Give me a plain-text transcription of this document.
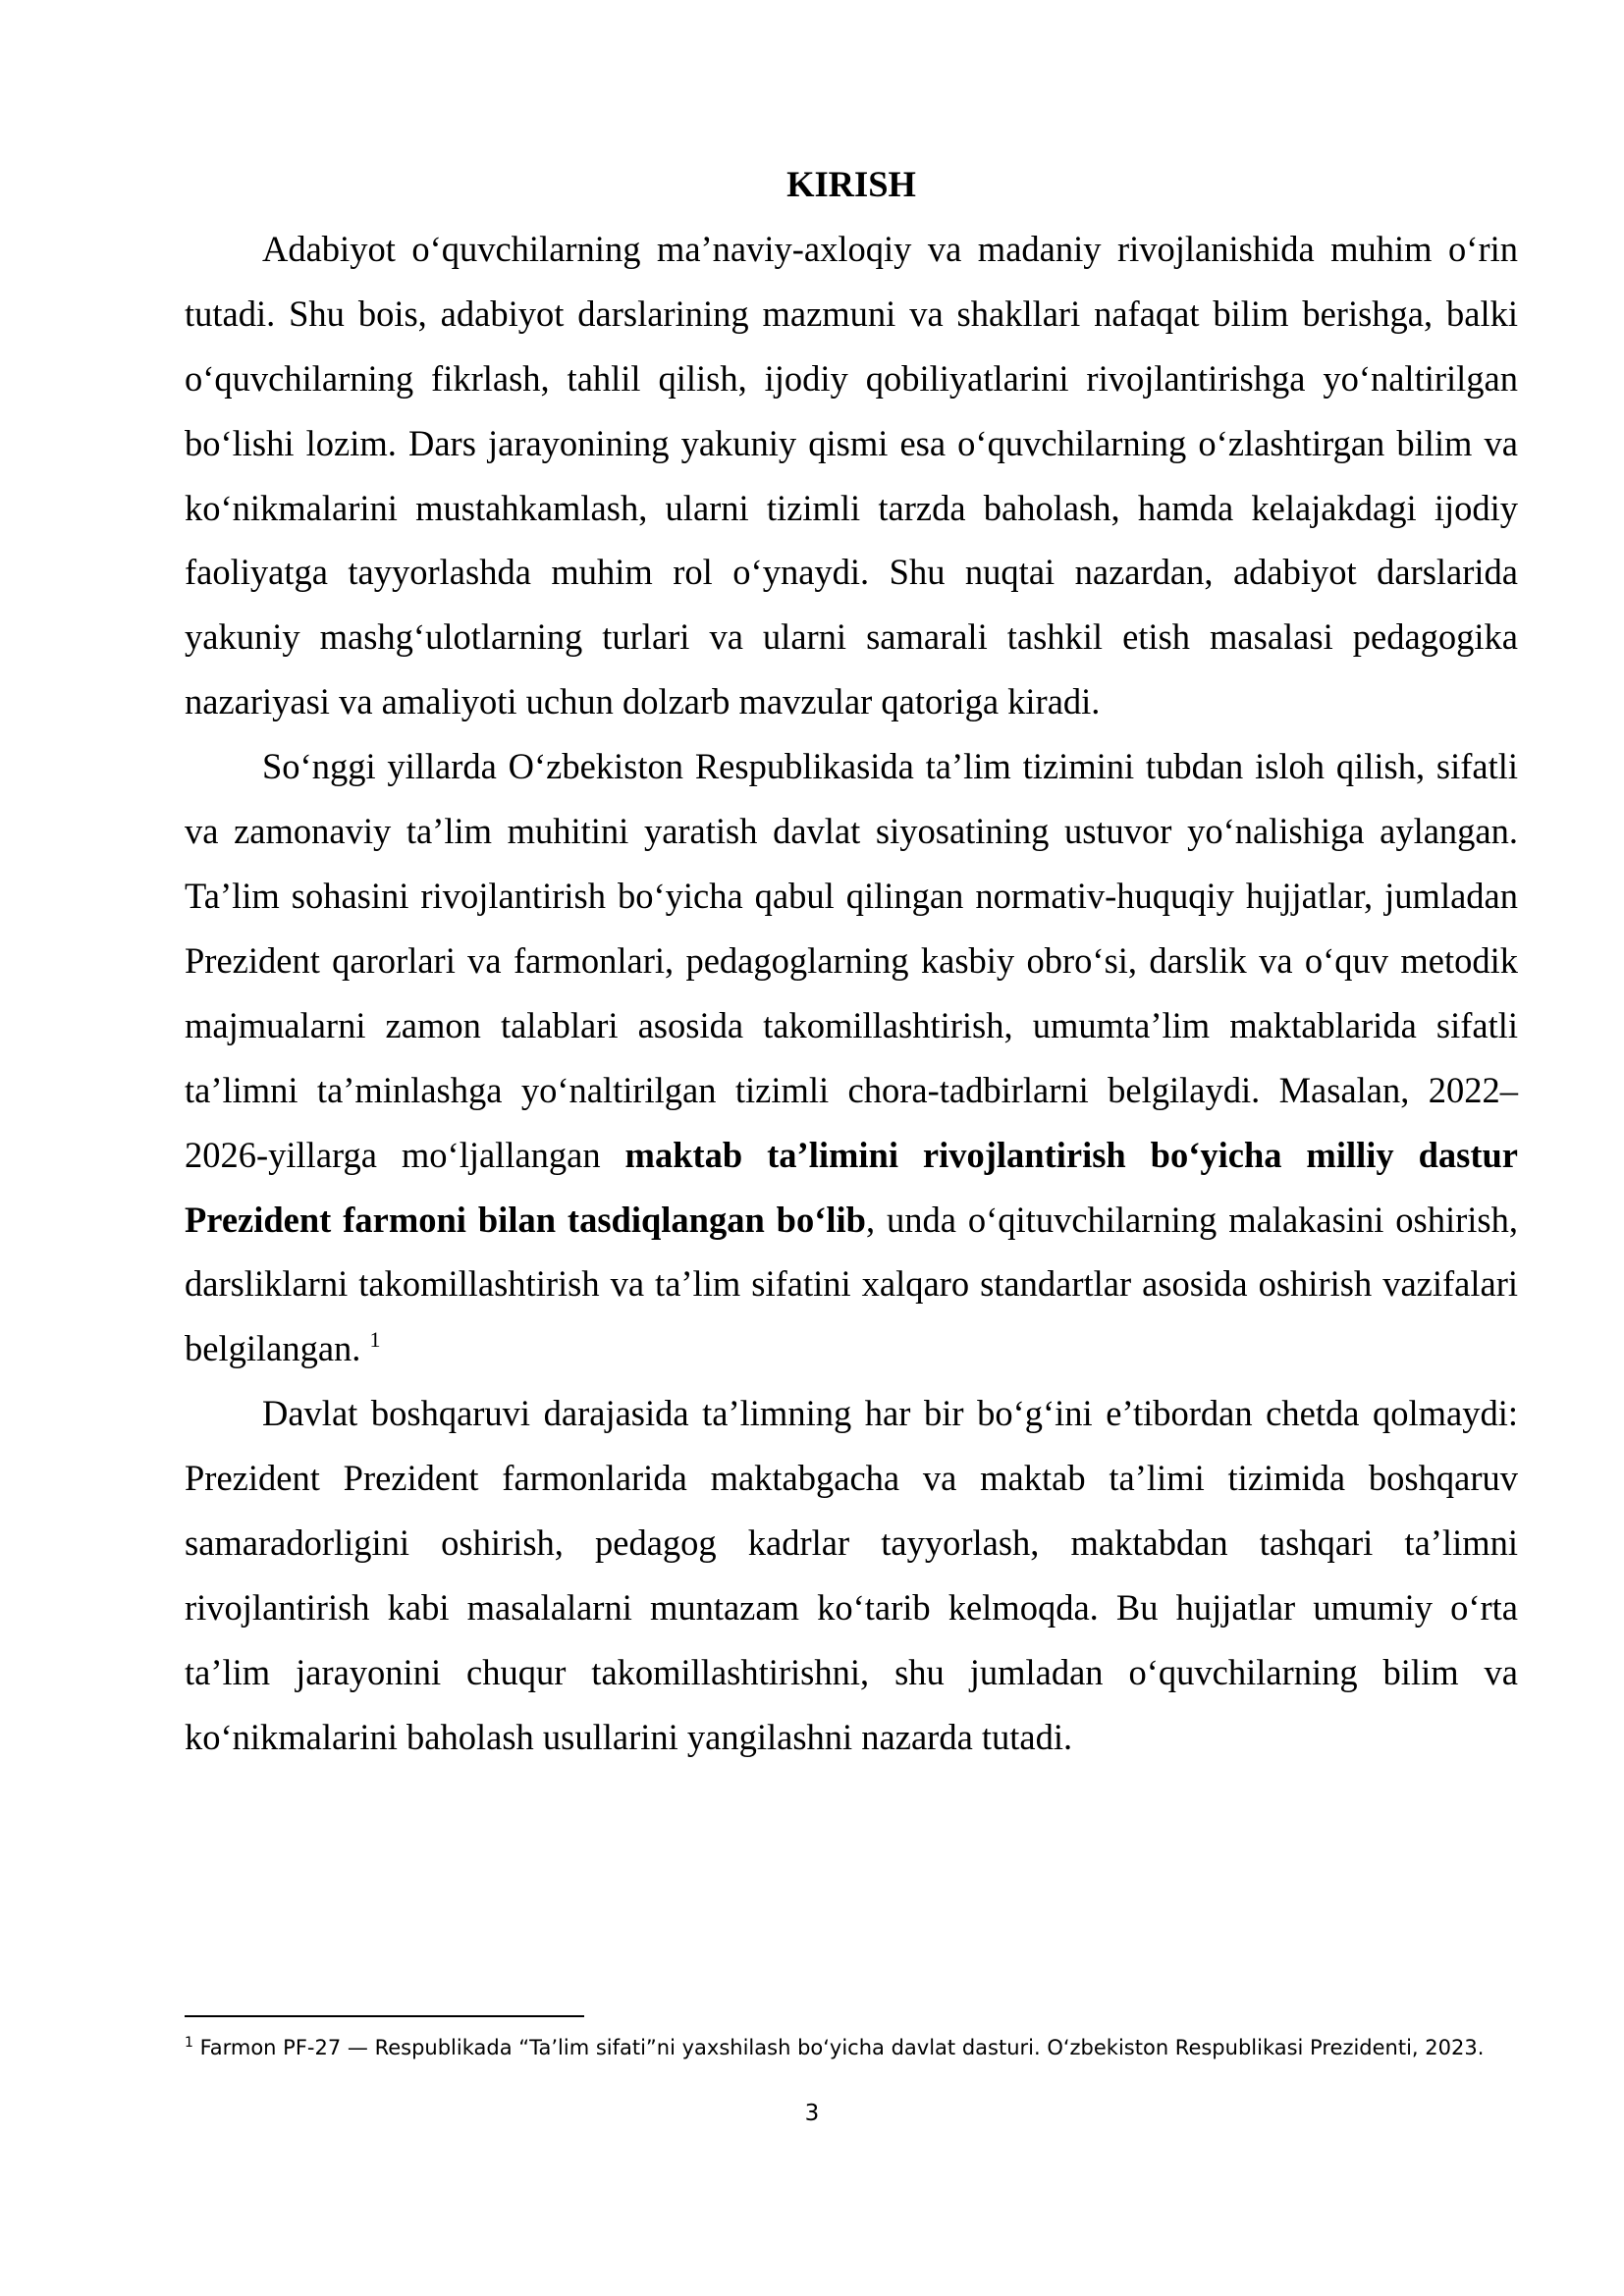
KIRISH

Adabiyot o‘quvchilarning ma’naviy-axloqiy va madaniy rivojlanishida muhim o‘rin tutadi. Shu bois, adabiyot darslarining mazmuni va shakllari nafaqat bilim berishga, balki o‘quvchilarning fikrlash, tahlil qilish, ijodiy qobiliyatlarini rivojlantirishga yo‘naltirilgan bo‘lishi lozim. Dars jarayonining yakuniy qismi esa o‘quvchilarning o‘zlashtirgan bilim va ko‘nikmalarini mustahkamlash, ularni tizimli tarzda baholash, hamda kelajakdagi ijodiy faoliyatga tayyorlashda muhim rol o‘ynaydi. Shu nuqtai nazardan, adabiyot darslarida yakuniy mashg‘ulotlarning turlari va ularni samarali tashkil etish masalasi pedagogika nazariyasi va amaliyoti uchun dolzarb mavzular qatoriga kiradi.

So‘nggi yillarda O‘zbekiston Respublikasida ta’lim tizimini tubdan isloh qilish, sifatli va zamonaviy ta’lim muhitini yaratish davlat siyosatining ustuvor yo‘nalishiga aylangan. Ta’lim sohasini rivojlantirish bo‘yicha qabul qilingan normativ-huquqiy hujjatlar, jumladan Prezident qarorlari va farmonlari, pedagoglarning kasbiy obro‘si, darslik va o‘quv metodik majmualarni zamon talablari asosida takomillashtirish, umumta’lim maktablarida sifatli ta’limni ta’minlashga yo‘naltirilgan tizimli chora-tadbirlarni belgilaydi. Masalan, 2022–2026-yillarga mo‘ljallangan maktab ta’limini rivojlantirish bo‘yicha milliy dastur Prezident farmoni bilan tasdiqlangan bo‘lib, unda o‘qituvchilarning malakasini oshirish, darsliklarni takomillashtirish va ta’lim sifatini xalqaro standartlar asosida oshirish vazifalari belgilangan. $^1$

Davlat boshqaruvi darajasida ta’limning har bir bo‘g‘ini e’tibordan chetda qolmaydi: Prezident Prezident farmonlarida maktabgacha va maktab ta’limi tizimida boshqaruv samaradorligini oshirish, pedagog kadrlar tayyorlash, maktabdan tashqari ta’limni rivojlantirish kabi masalalarni muntazam ko‘tarib kelmoqda. Bu hujjatlar umumiy o‘rta ta’lim jarayonini chuqur takomillashtirishni, shu jumladan o‘quvchilarning bilim va ko‘nikmalarini baholash usullarini yangilashni nazarda tutadi.

$^1$ Farmon PF-27 — Respublikada “Ta’lim sifati”ni yaxshilash bo‘yicha davlat dasturi. O‘zbekiston Respublikasi Prezidenti, 2023.
3
